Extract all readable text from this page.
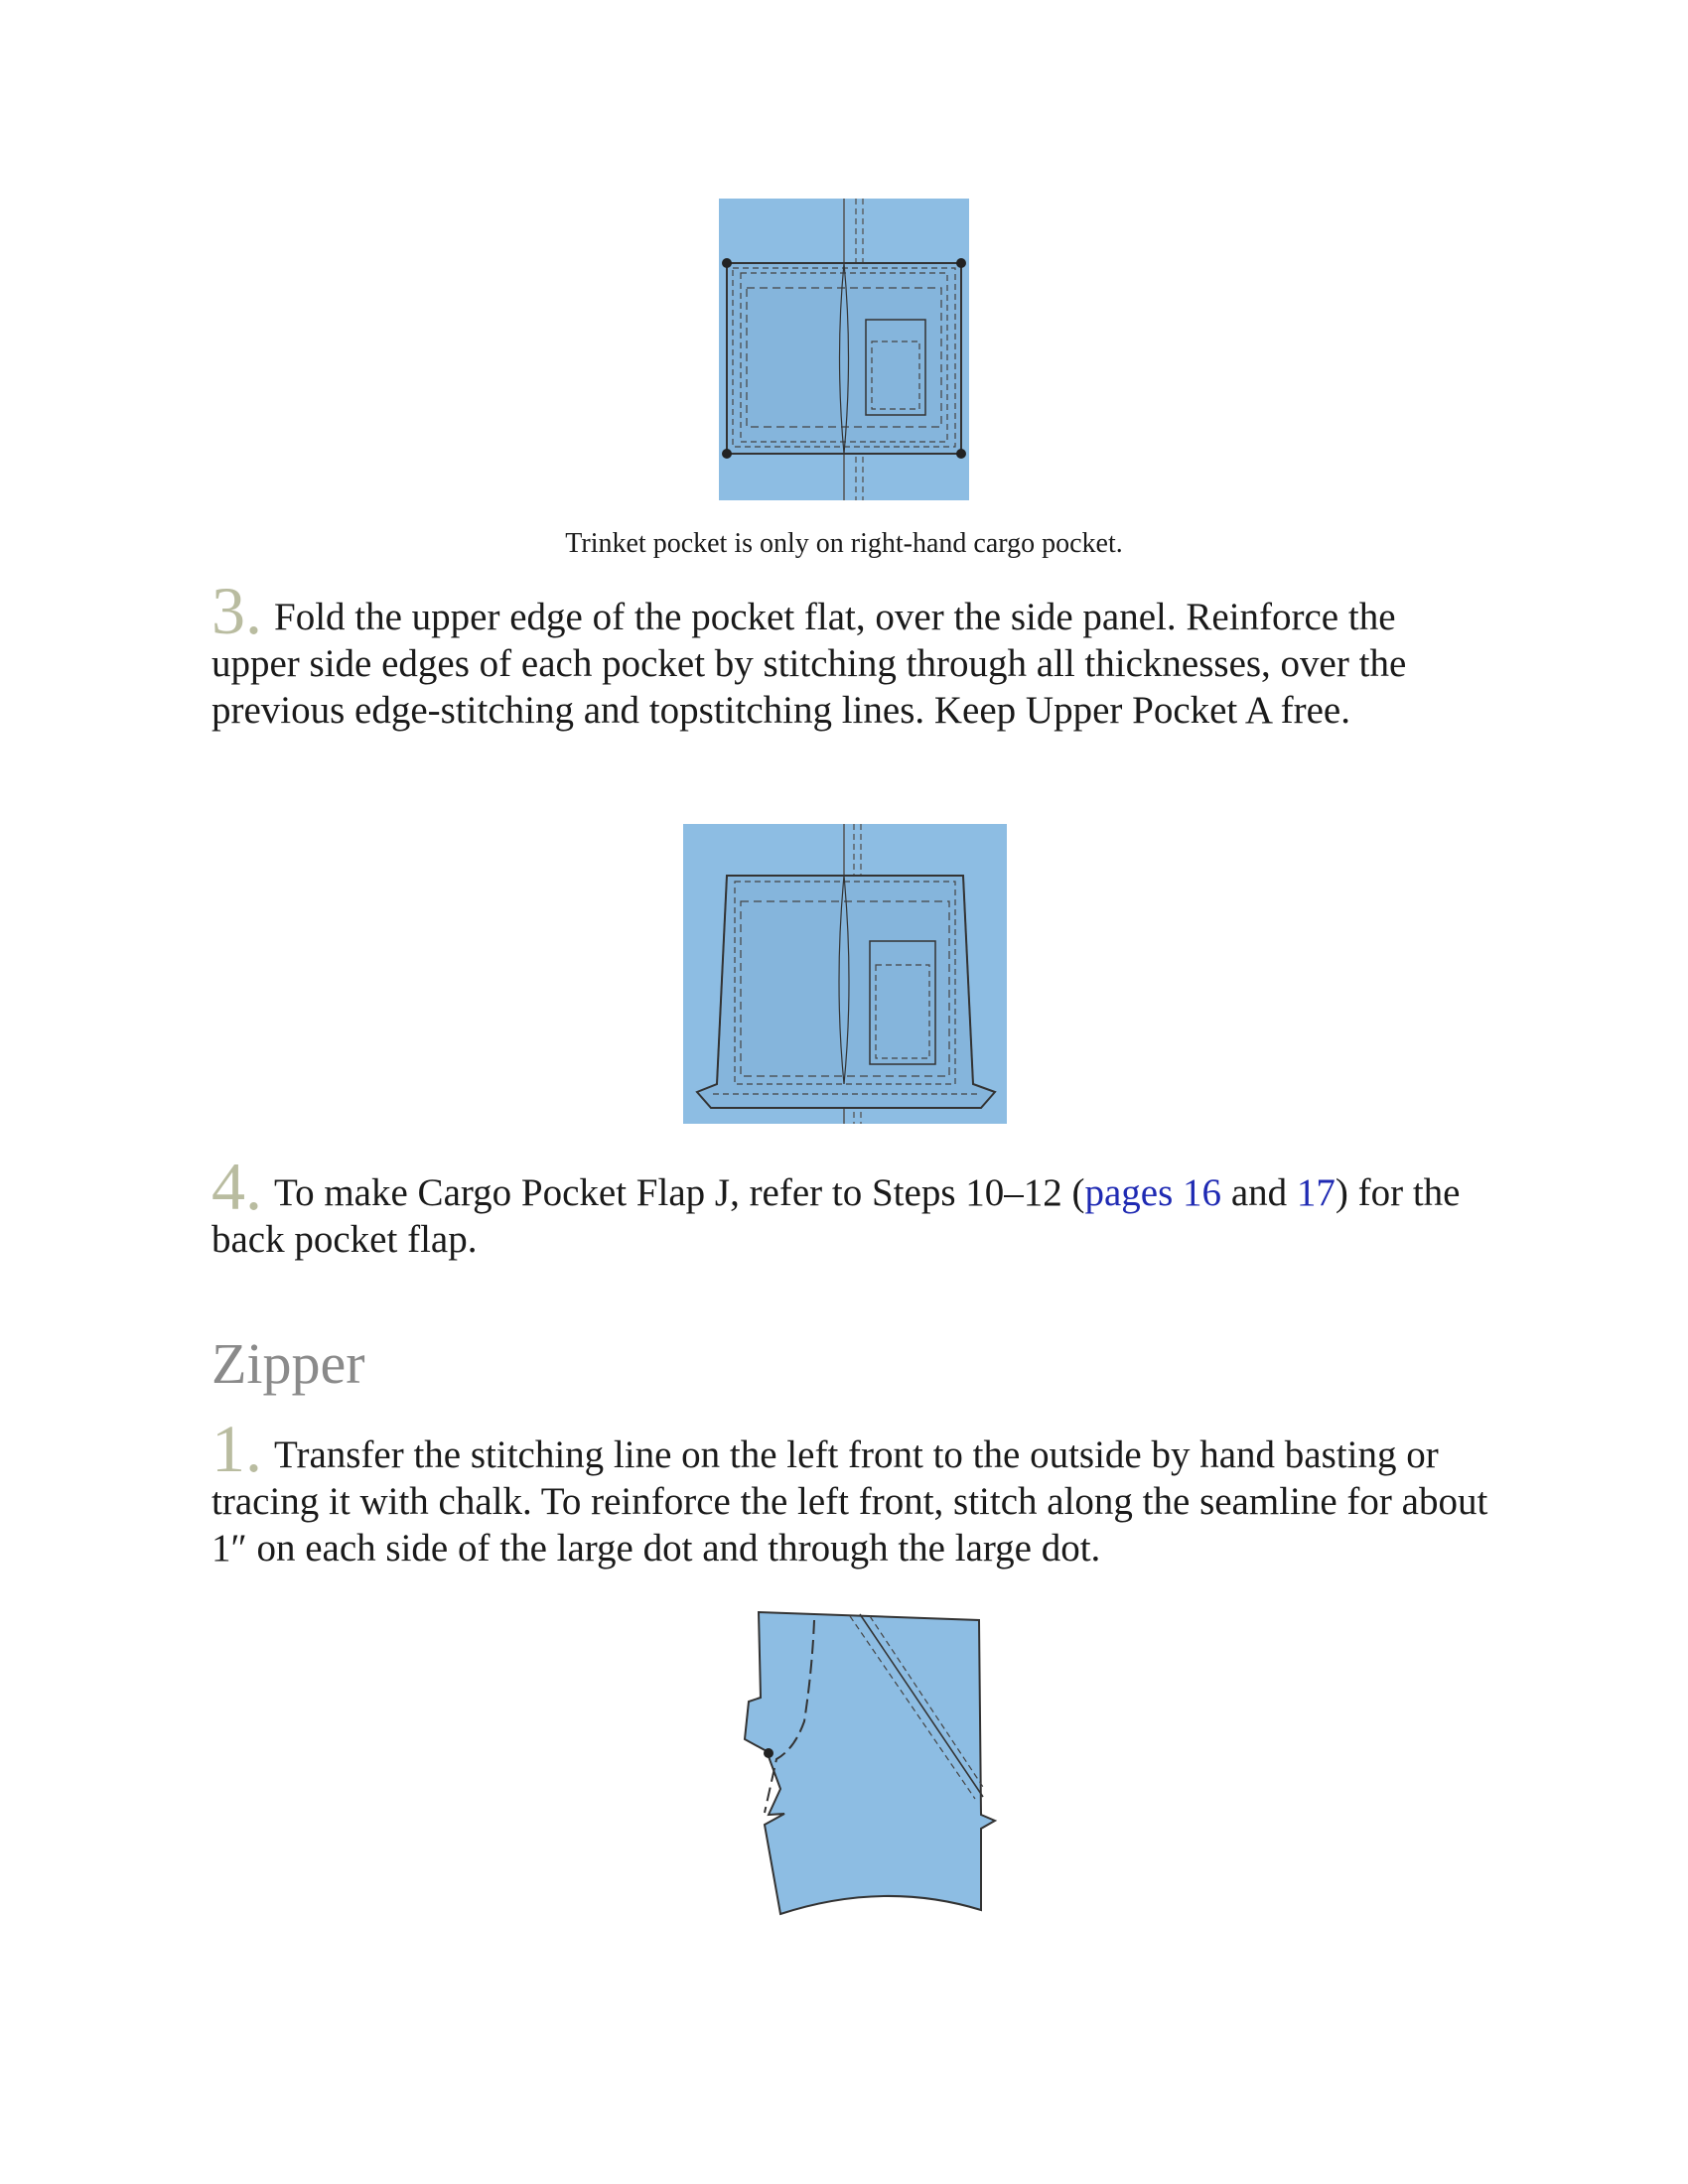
Trinket pocket is only on right-hand cargo pocket.
3. Fold the upper edge of the pocket flat, over the side panel. Reinforce the upper side edges of each pocket by stitching through all thicknesses, over the previous edge-stitching and topstitching lines. Keep Upper Pocket A free.
4. To make Cargo Pocket Flap J, refer to Steps 10–12 (pages 16 and 17) for the back pocket flap.
Zipper
1. Transfer the stitching line on the left front to the outside by hand basting or tracing it with chalk. To reinforce the left front, stitch along the seamline for about 1″ on each side of the large dot and through the large dot.
